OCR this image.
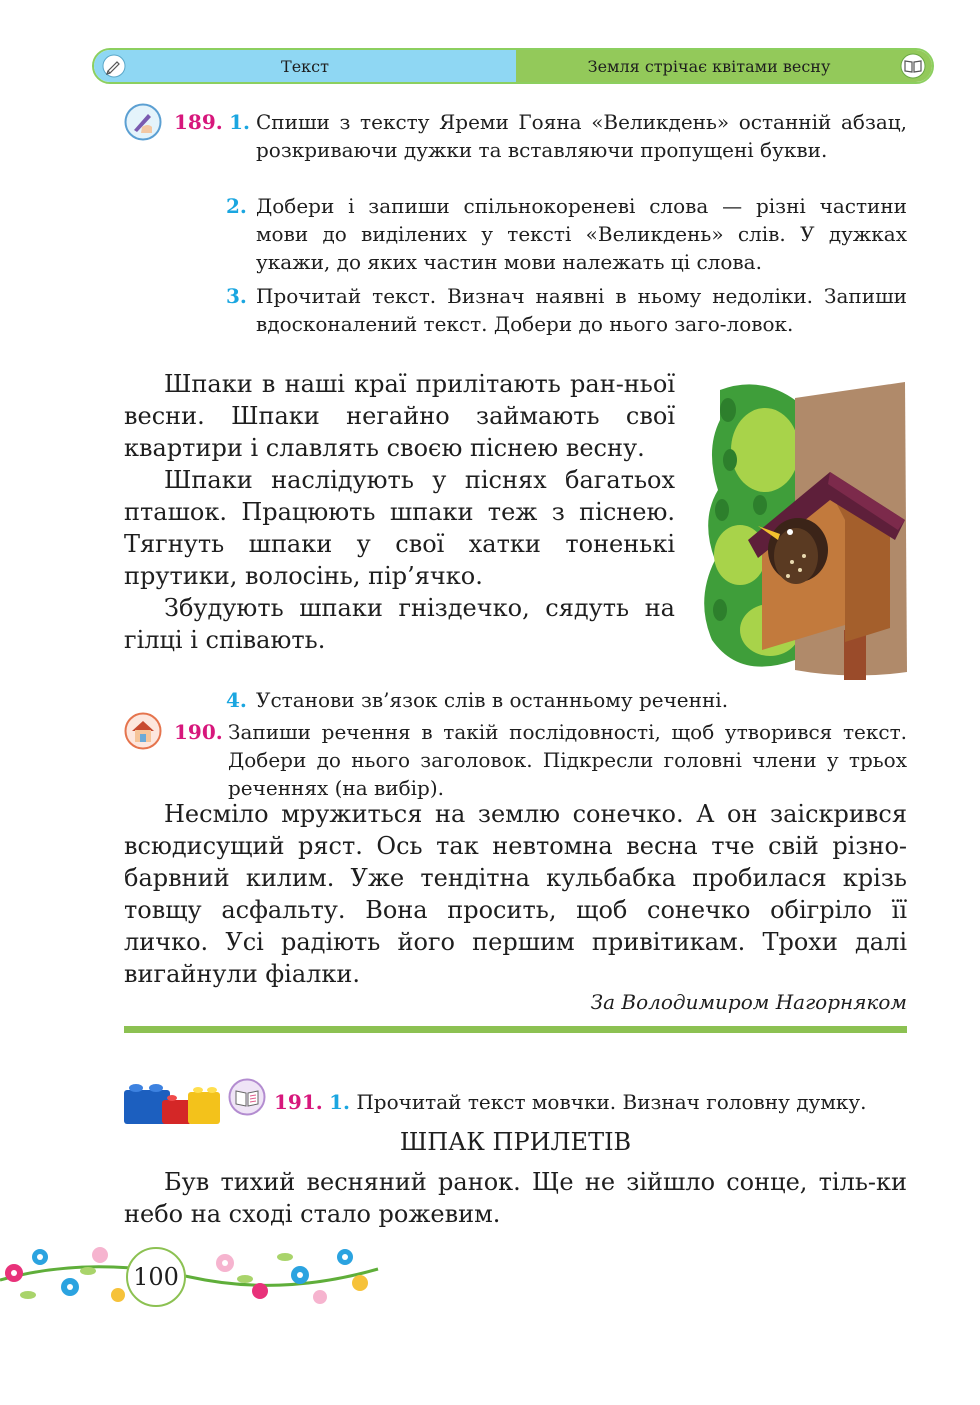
Текст	Земля стрічає квітами весну
189. 1. Спиши з тексту Яреми Гояна «Великдень» останній абзац, розкриваючи дужки та вставляючи пропущені букви.
2. Добери і запиши спільнокореневі слова — різні частини мови до виділених у тексті «Великдень» слів. У дужках укажи, до яких частин мови належать ці слова.
3. Прочитай текст. Визнач наявні в ньому недоліки. Запиши вдосконалений текст. Добери до нього заго-ловок.

Шпаки в наші краї прилітають ран-ньої весни. Шпаки негайно займають свої квартири і славлять своєю піснею весну.

Шпаки наслідують у піснях багатьох пташок. Працюють шпаки теж з піснею. Тягнуть шпаки у свої хатки тоненькі прутики, волосінь, пір’ячко.

Збудують шпаки гніздечко, сядуть на гілці і співають.

4. Установи зв’язок слів в останньому реченні.
190. Запиши речення в такій послідовності, щоб утворився текст. Добери до нього заголовок. Підкресли головні члени у трьох реченнях (на вибір).

Несміло мружиться на землю сонечко. А он заіскрився всюдисущий ряст. Ось так невтомна весна тче свій різно-барвний килим. Уже тендітна кульбабка пробилася крізь товщу асфальту. Вона просить, щоб сонечко обігріло її личко. Усі радіють його першим привітикам. Трохи далі вигайнули фіалки.

За Володимиром Нагорняком
191. 1. Прочитай текст мовчки. Визнач головну думку.
ШПАК ПРИЛЕТІВ

Був тихий весняний ранок. Ще не зійшло сонце, тіль-ки небо на сході стало рожевим.

100
